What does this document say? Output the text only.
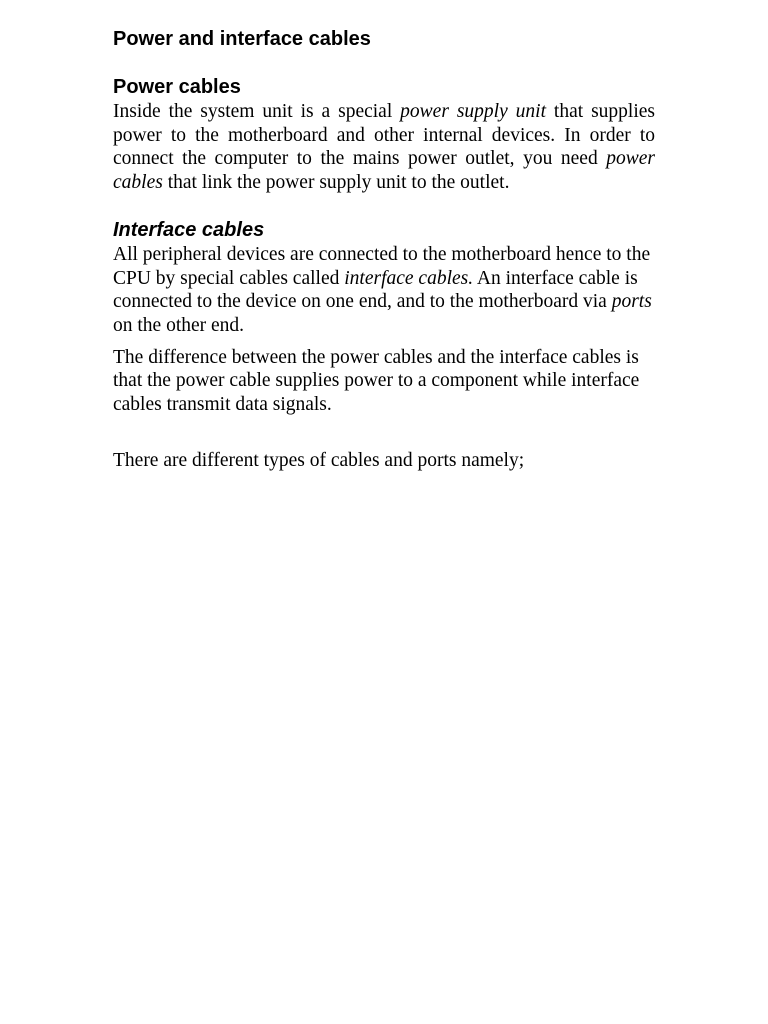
Power and interface cables
Power cables

Inside the system unit is a special power supply unit that supplies power to the motherboard and other internal devices. In order to connect the computer to the mains power outlet, you need power cables that link the power supply unit to the outlet.

Interface cables

All peripheral devices are connected to the motherboard hence to the CPU by special cables called interface cables. An interface cable is connected to the device on one end, and to the motherboard via ports on the other end.

The difference between the power cables and the interface cables is that the power cable supplies power to a component while interface cables transmit data signals.

There are different types of cables and ports namely;
